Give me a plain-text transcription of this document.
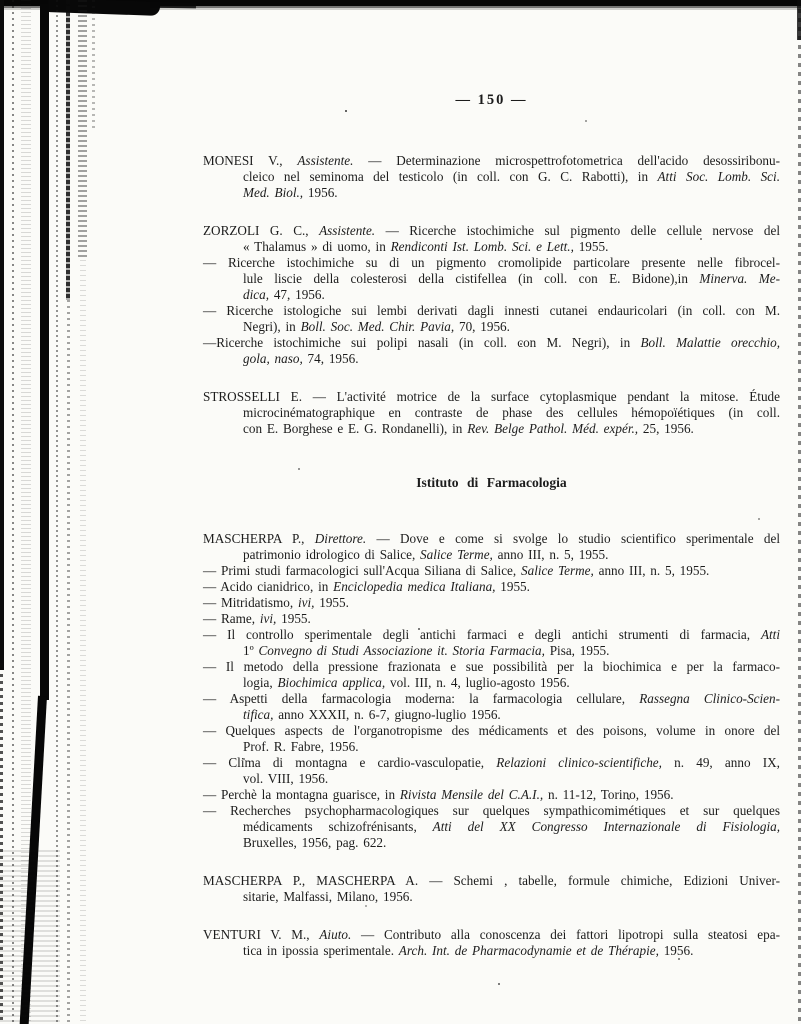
— 150 —
MONESI V., Assistente. — Determinazione microspettrofotometrica dell'acido desossiribonu-
cleico nel seminoma del testicolo (in coll. con G. C. Rabotti), in Atti Soc. Lomb. Sci.
Med. Biol., 1956.
ZORZOLI G. C., Assistente. — Ricerche istochimiche sul pigmento delle cellule nervose del
« Thalamus » di uomo, in Rendiconti Ist. Lomb. Sci. e Lett., 1955.
— Ricerche istochimiche su di un pigmento cromolipide particolare presente nelle fibrocel-
lule liscie della colesterosi della cistifellea (in coll. con E. Bidone),in Minerva. Me-
dica, 47, 1956.
— Ricerche istologiche sui lembi derivati dagli innesti cutanei endauricolari (in coll. con M.
Negri), in Boll. Soc. Med. Chir. Pavia, 70, 1956.
—Ricerche istochimiche sui polipi nasali (in coll. con M. Negri), in Boll. Malattie orecchio,
gola, naso, 74, 1956.
STROSSELLI E. — L'activité motrice de la surface cytoplasmique pendant la mitose. Étude
microcinématographique en contraste de phase des cellules hémopoïétiques (in coll.
con E. Borghese e E. G. Rondanelli), in Rev. Belge Pathol. Méd. expér., 25, 1956.
Istituto di Farmacologia
MASCHERPA P., Direttore. — Dove e come si svolge lo studio scientifico sperimentale del
patrimonio idrologico di Salice, Salice Terme, anno III, n. 5, 1955.
— Primi studi farmacologici sull'Acqua Siliana di Salice, Salice Terme, anno III, n. 5, 1955.
— Acido cianidrico, in Enciclopedia medica Italiana, 1955.
— Mitridatismo, ivi, 1955.
— Rame, ivi, 1955.
— Il controllo sperimentale degli antichi farmaci e degli antichi strumenti di farmacia, Atti
1º Convegno di Studi Associazione it. Storia Farmacia, Pisa, 1955.
— Il metodo della pressione frazionata e sue possibilità per la biochimica e per la farmaco-
logia, Biochimica applica, vol. III, n. 4, luglio-agosto 1956.
— Aspetti della farmacologia moderna: la farmacologia cellulare, Rassegna Clinico-Scien-
tifica, anno XXXII, n. 6-7, giugno-luglio 1956.
— Quelques aspects de l'organotropisme des médicaments et des poisons, volume in onore del
Prof. R. Fabre, 1956.
— Clima di montagna e cardio-vasculopatie, Relazioni clinico-scientifiche, n. 49, anno IX,
vol. VIII, 1956.
— Perchè la montagna guarisce, in Rivista Mensile del C.A.I., n. 11-12, Torino, 1956.
— Recherches psychopharmacologiques sur quelques sympathicomimétiques et sur quelques
médicaments schizofrénisants, Atti del XX Congresso Internazionale di Fisiologia,
Bruxelles, 1956, pag. 622.
MASCHERPA P., MASCHERPA A. — Schemi , tabelle, formule chimiche, Edizioni Univer-
sitarie, Malfassi, Milano, 1956.
VENTURI V. M., Aiuto. — Contributo alla conoscenza dei fattori lipotropi sulla steatosi epa-
tica in ipossia sperimentale. Arch. Int. de Pharmacodynamie et de Thérapie, 1956.
